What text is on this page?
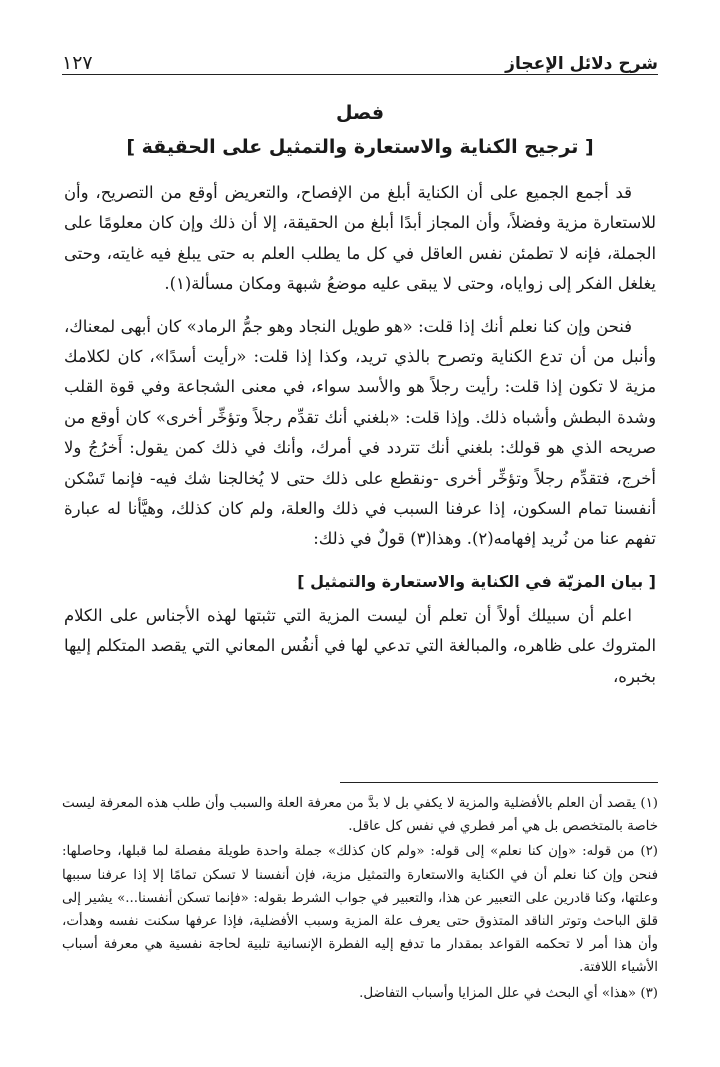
شرح دلائل الإعجاز
١٢٧
فصل
[ ترجيح الكناية والاستعارة والتمثيل على الحقيقة ]

قد أجمع الجميع على أن الكناية أبلغ من الإفصاح، والتعريض أوقع من التصريح، وأن للاستعارة مزية وفضلاً، وأن المجاز أبدًا أبلغ من الحقيقة، إلا أن ذلك وإن كان معلومًا على الجملة، فإنه لا تطمئن نفس العاقل في كل ما يطلب العلم به حتى يبلغ فيه غايته، وحتى يغلغل الفكر إلى زواياه، وحتى لا يبقى عليه موضعُ شبهة ومكان مسألة(١).

فنحن وإن كنا نعلم أنك إذا قلت: «هو طويل النجاد وهو جمُّ الرماد» كان أبهى لمعناك، وأنبل من أن تدع الكناية وتصرح بالذي تريد، وكذا إذا قلت: «رأيت أسدًا»، كان لكلامك مزية لا تكون إذا قلت: رأيت رجلاً هو والأسد سواء، في معنى الشجاعة وفي قوة القلب وشدة البطش وأشباه ذلك. وإذا قلت: «بلغني أنك تقدِّم رجلاً وتؤخِّر أخرى» كان أوقع من صريحه الذي هو قولك: بلغني أنك تتردد في أمرك، وأنك في ذلك كمن يقول: أَخرُجُ ولا أخرج، فتقدِّم رجلاً وتؤخِّر أخرى -ونقطع على ذلك حتى لا يُخالجنا شك فيه- فإنما تَسْكن أنفسنا تمام السكون، إذا عرفنا السبب في ذلك والعلة، ولم كان كذلك، وهيَّأنا له عبارة تفهم عنا من نُريد إفهامه(٢). وهذا(٣) قولٌ في ذلك:

[ بيان المزيّة في الكناية والاستعارة والتمثيل ]

اعلم أن سبيلك أولاً أن تعلم أن ليست المزية التي تثبتها لهذه الأجناس على الكلام المتروك على ظاهره، والمبالغة التي تدعي لها في أنفُس المعاني التي يقصد المتكلم إليها بخبره،

(١) يقصد أن العلم بالأفضلية والمزية لا يكفي بل لا بدَّ من معرفة العلة والسبب وأن طلب هذه المعرفة ليست خاصة بالمتخصص بل هي أمر فطري في نفس كل عاقل.

(٢) من قوله: «وإن كنا نعلم» إلى قوله: «ولم كان كذلك» جملة واحدة طويلة مفصلة لما قبلها، وحاصلها: فنحن وإن كنا نعلم أن في الكناية والاستعارة والتمثيل مزية، فإن أنفسنا لا تسكن تمامًا إلا إذا عرفنا سببها وعلتها، وكنا قادرين على التعبير عن هذا، والتعبير في جواب الشرط بقوله: «فإنما تسكن أنفسنا...» يشير إلى قلق الباحث وتوتر الناقد المتذوق حتى يعرف علة المزية وسبب الأفضلية، فإذا عرفها سكنت نفسه وهدأت، وأن هذا أمر لا تحكمه القواعد بمقدار ما تدفع إليه الفطرة الإنسانية تلبية لحاجة نفسية هي معرفة أسباب الأشياء اللافتة.

(٣) «هذا» أي البحث في علل المزايا وأسباب التفاضل.
